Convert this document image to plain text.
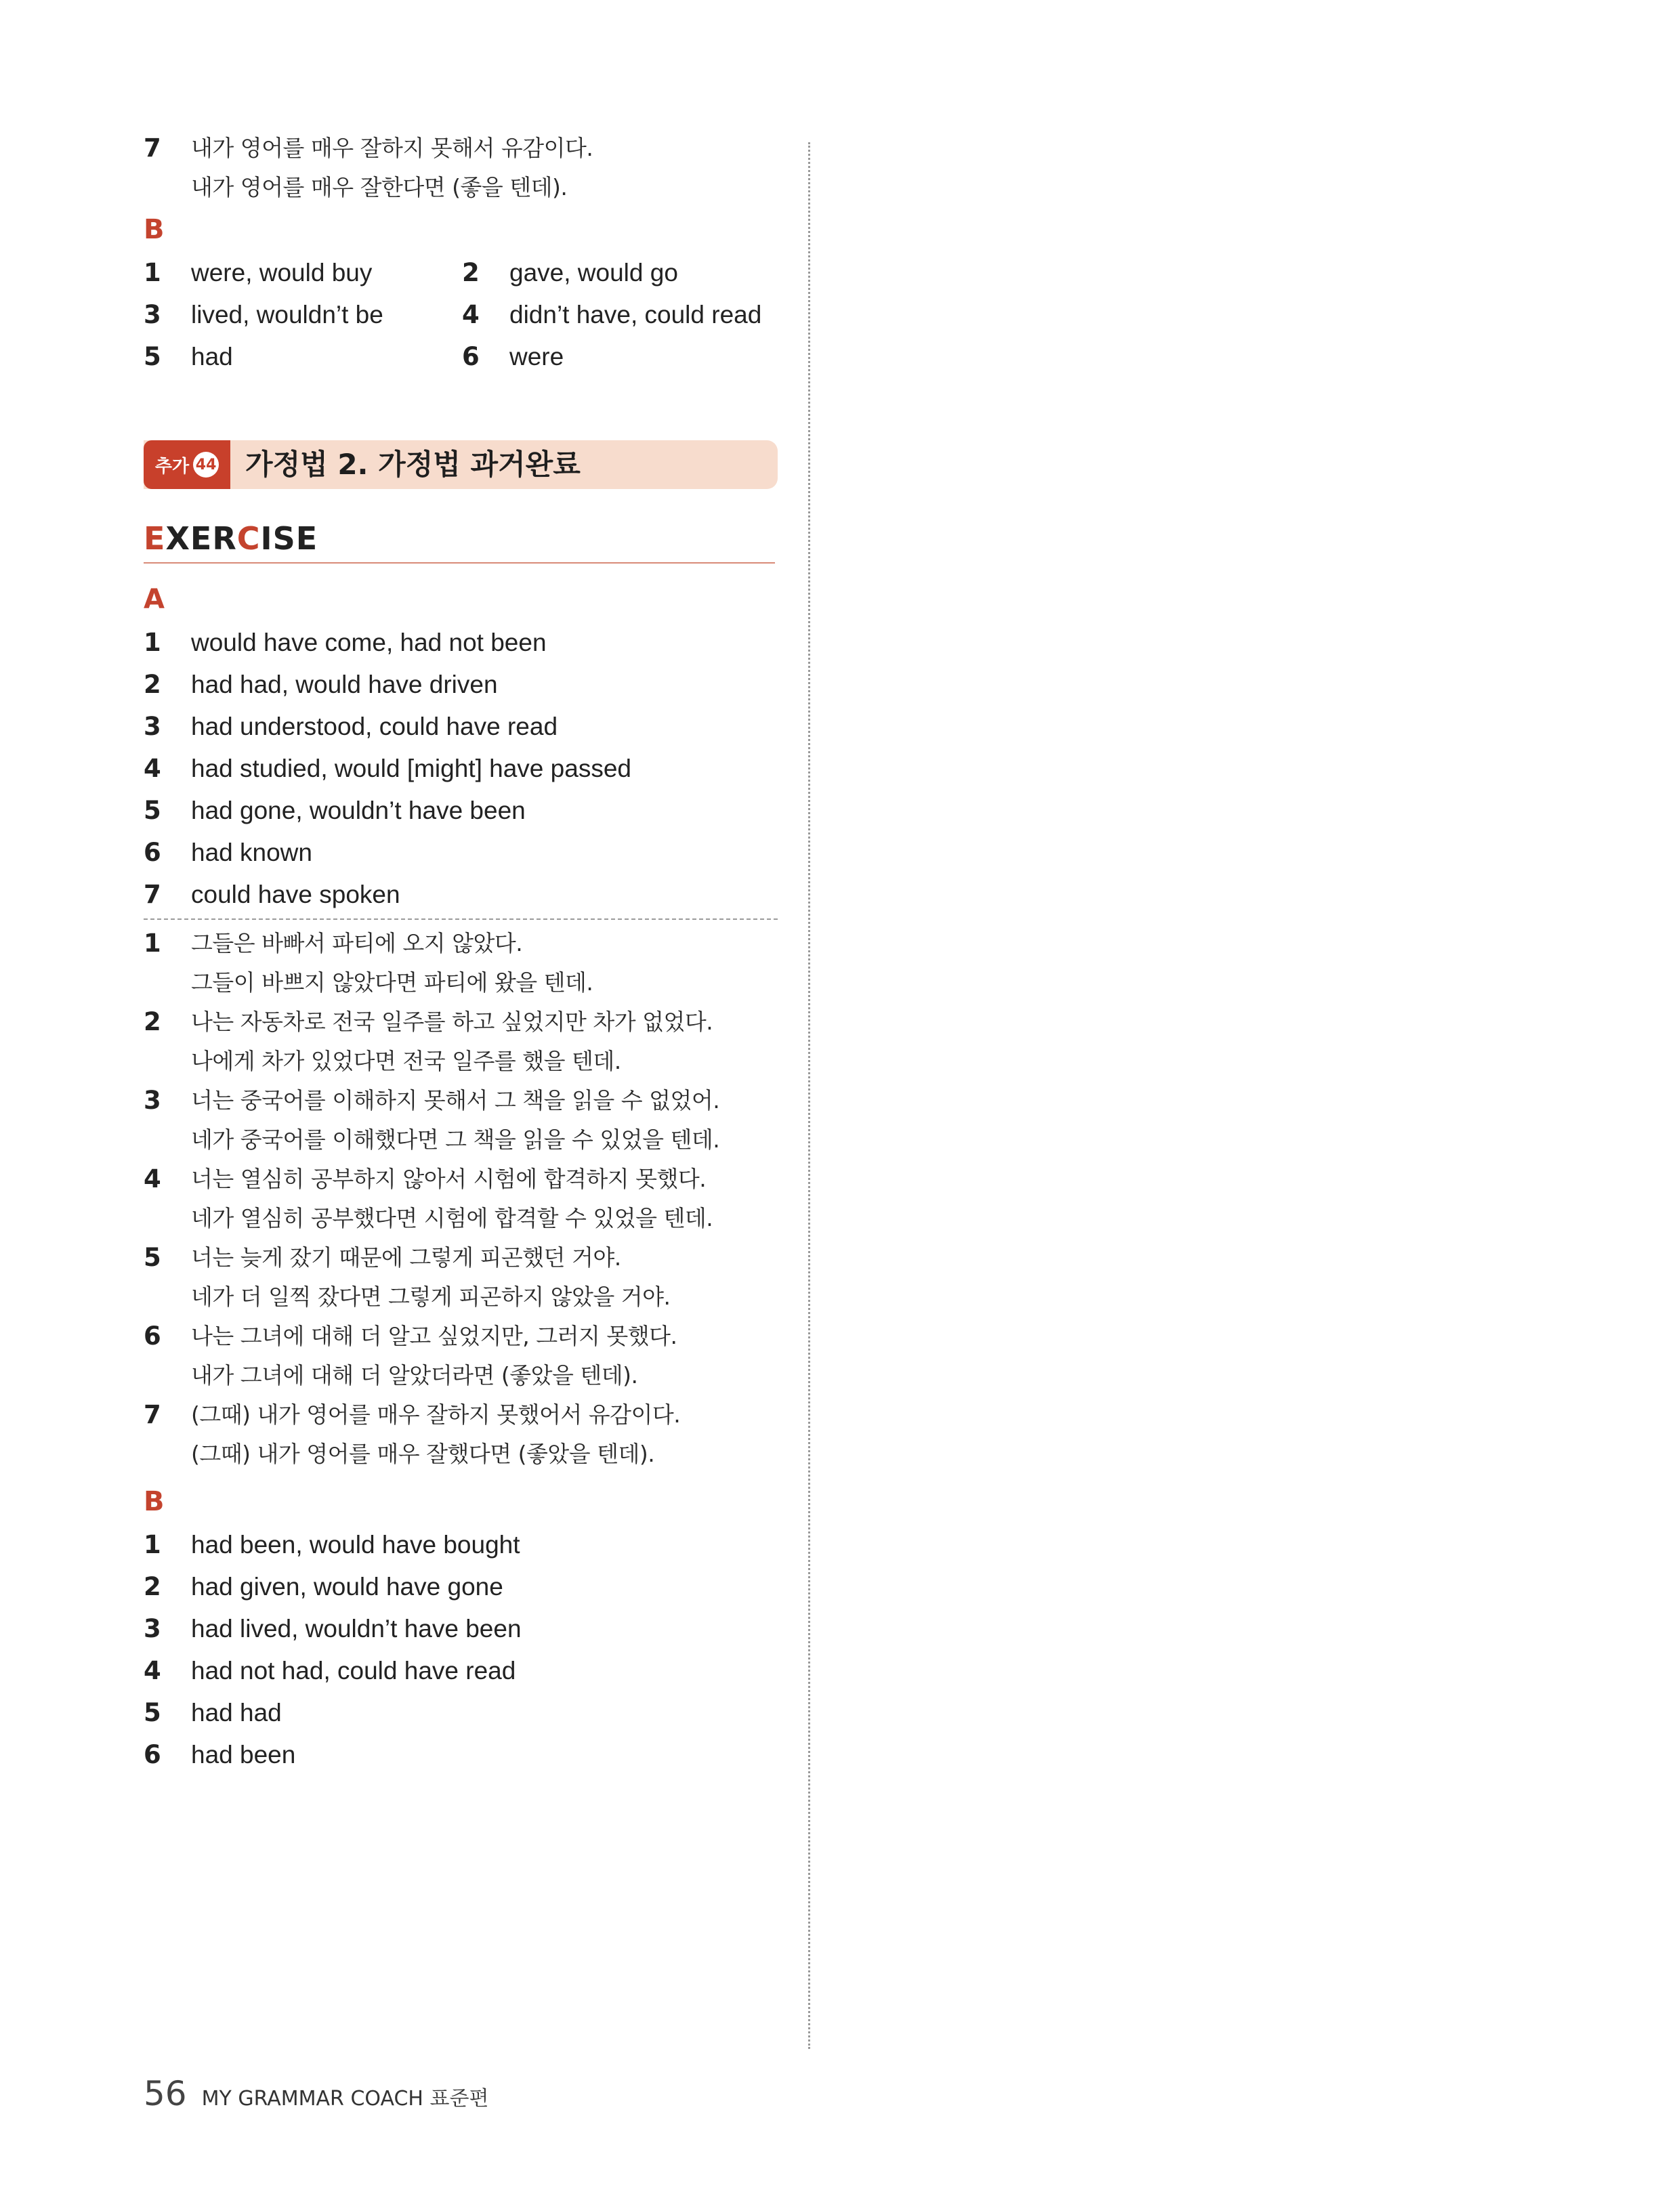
7	내가 영어를 매우 잘하지 못해서 유감이다.
내가 영어를 매우 잘한다면 (좋을 텐데).
B
1	were, would buy	2	gave, would go
3	lived, wouldn’t be	4	didn’t have, could read
5	had	6	were
추가 44 가정법 2. 가정법 과거완료
EXERCISE
A
1	would have come, had not been
2	had had, would have driven
3	had understood, could have read
4	had studied, would [might] have passed
5	had gone, wouldn’t have been
6	had known
7	could have spoken
1	그들은 바빠서 파티에 오지 않았다.
그들이 바쁘지 않았다면 파티에 왔을 텐데.
2	나는 자동차로 전국 일주를 하고 싶었지만 차가 없었다.
나에게 차가 있었다면 전국 일주를 했을 텐데.
3	너는 중국어를 이해하지 못해서 그 책을 읽을 수 없었어.
네가 중국어를 이해했다면 그 책을 읽을 수 있었을 텐데.
4	너는 열심히 공부하지 않아서 시험에 합격하지 못했다.
네가 열심히 공부했다면 시험에 합격할 수 있었을 텐데.
5	너는 늦게 잤기 때문에 그렇게 피곤했던 거야.
네가 더 일찍 잤다면 그렇게 피곤하지 않았을 거야.
6	나는 그녀에 대해 더 알고 싶었지만, 그러지 못했다.
내가 그녀에 대해 더 알았더라면 (좋았을 텐데).
7	(그때) 내가 영어를 매우 잘하지 못했어서 유감이다.
(그때) 내가 영어를 매우 잘했다면 (좋았을 텐데).
B
1	had been, would have bought
2	had given, would have gone
3	had lived, wouldn’t have been
4	had not had, could have read
5	had had
6	had been
56 MY GRAMMAR COACH 표준편
